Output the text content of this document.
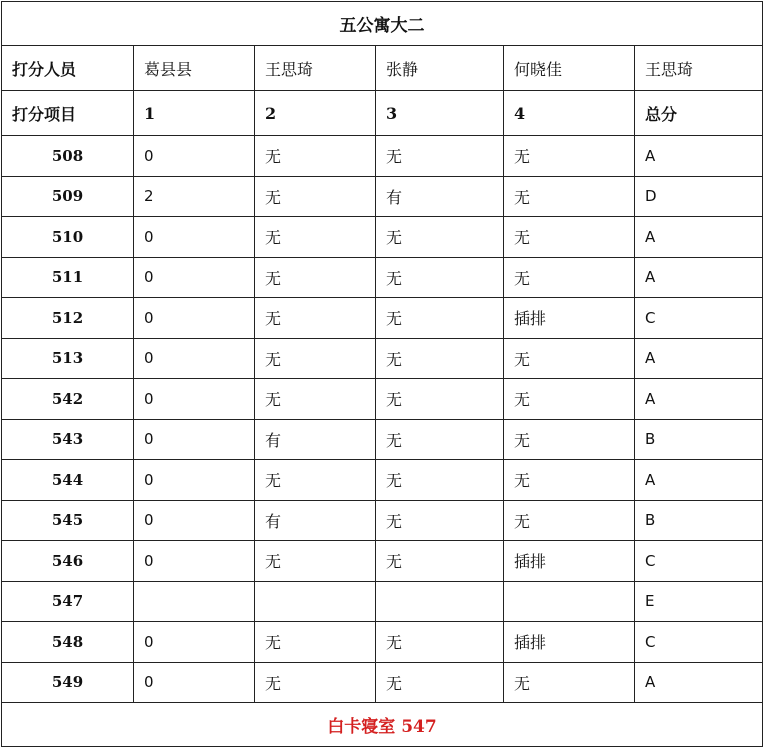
五公寓大二					
打分人员	葛县县	王思琦	张静	何晓佳	王思琦
打分项目	1	2	3	4	总分
508	0	无	无	无	A
509	2	无	有	无	D
510	0	无	无	无	A
511	0	无	无	无	A
512	0	无	无	插排	C
513	0	无	无	无	A
542	0	无	无	无	A
543	0	有	无	无	B
544	0	无	无	无	A
545	0	有	无	无	B
546	0	无	无	插排	C
547					E
548	0	无	无	插排	C
549	0	无	无	无	A
白卡寝室 547					
